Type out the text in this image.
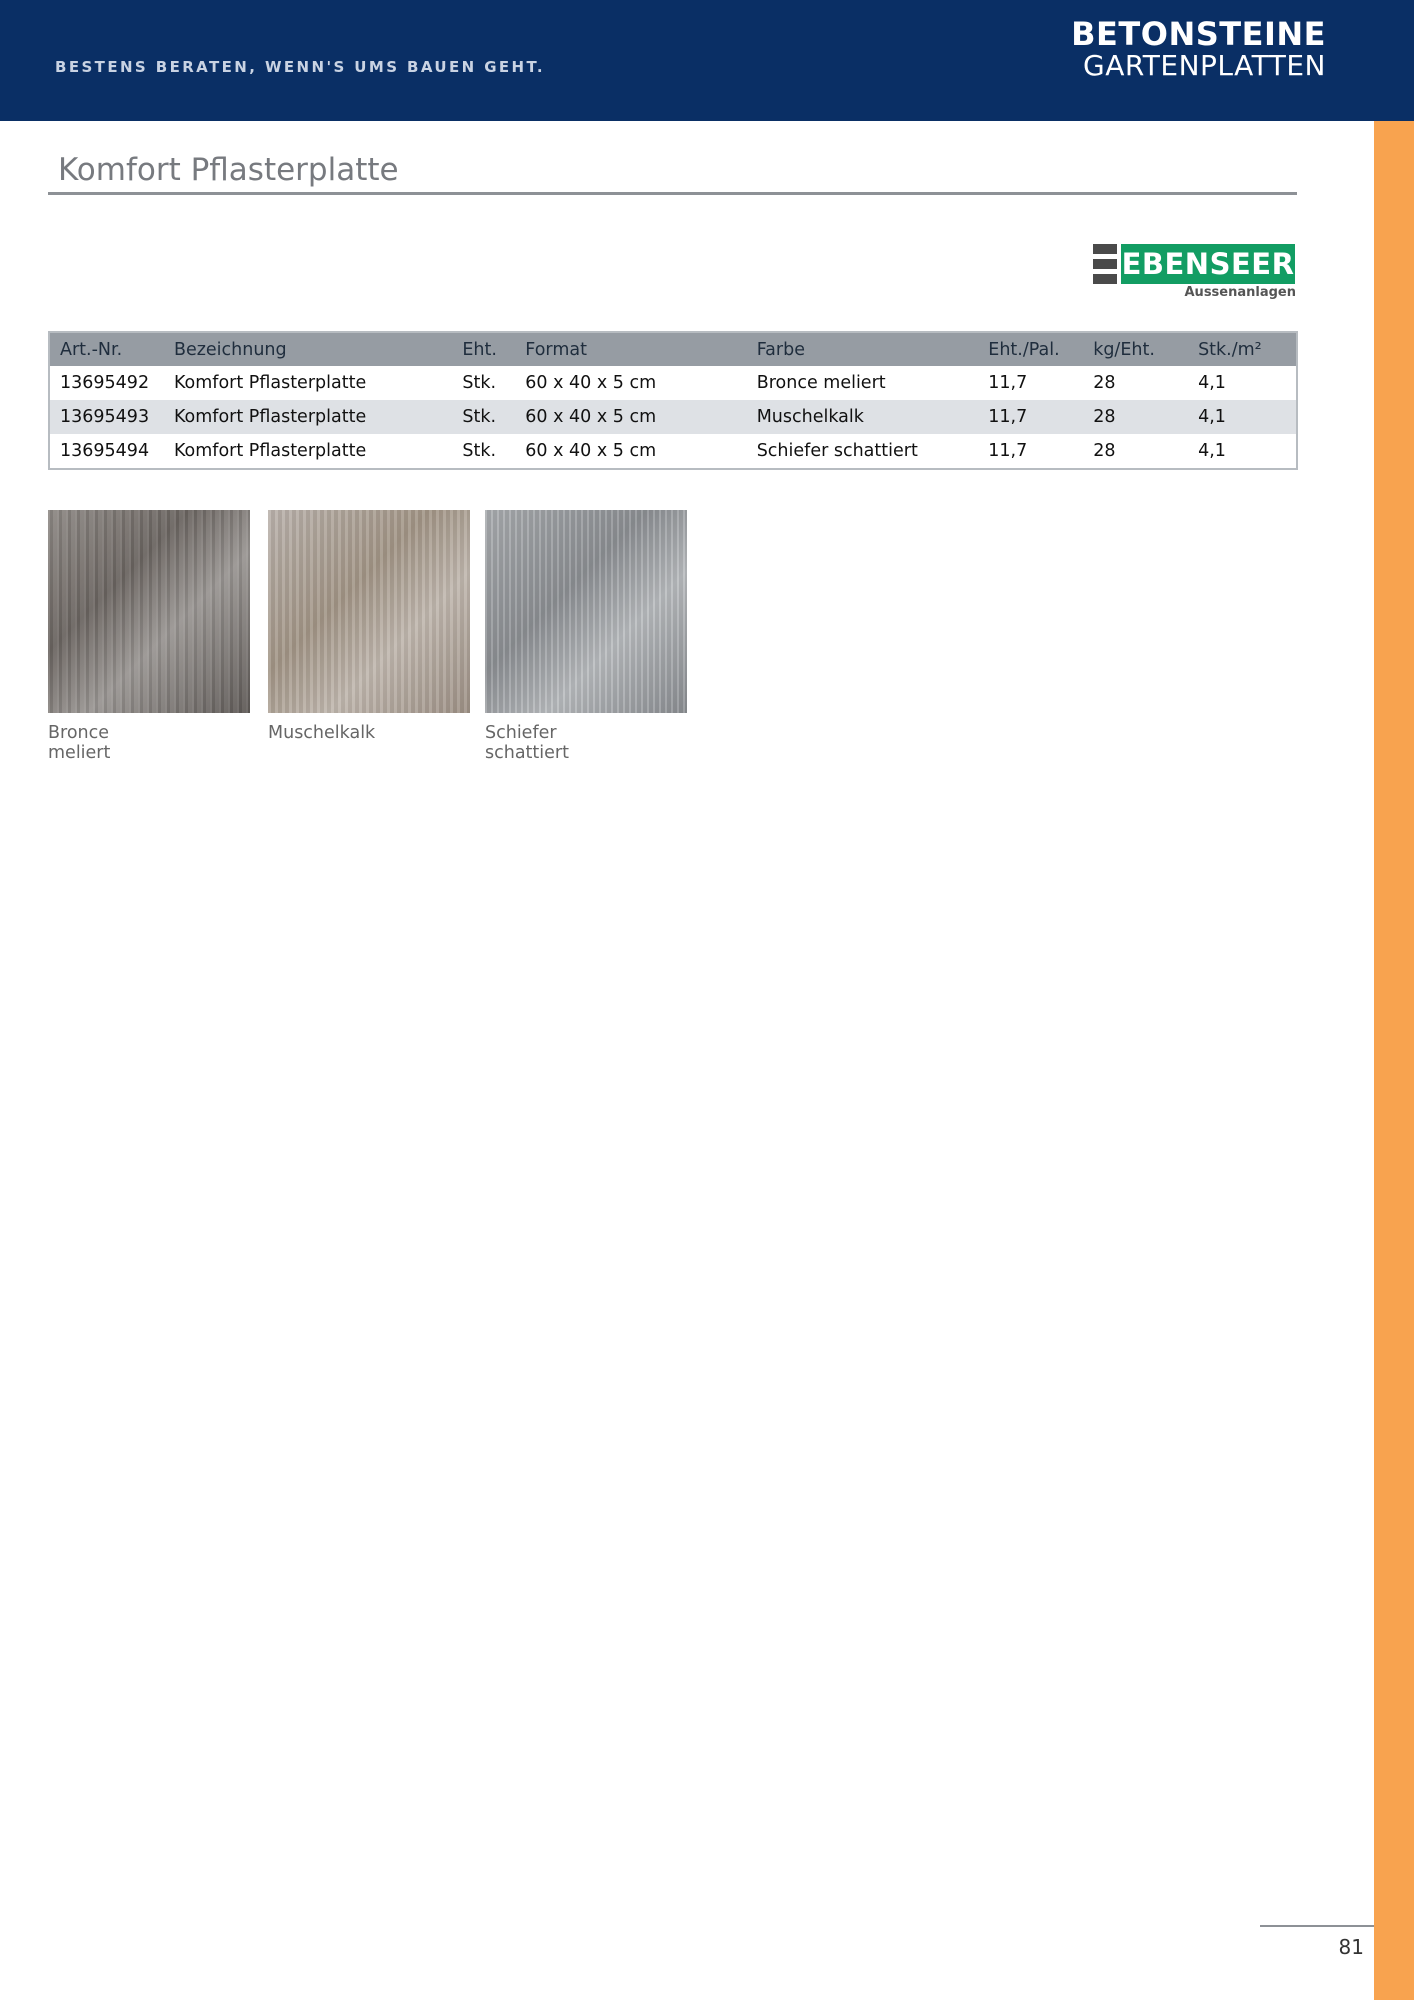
BESTENS BERATEN, WENN'S UMS BAUEN GEHT.
BETONSTEINE
GARTENPLATTEN
Komfort Pflasterplatte
EBENSEER
Aussenanlagen
Art.-Nr.	Bezeichnung	Eht.	Format	Farbe	Eht./Pal.	kg/Eht.	Stk./m²
13695492	Komfort Pflasterplatte	Stk.	60 x 40 x 5 cm	Bronce meliert	11,7	28	4,1
13695493	Komfort Pflasterplatte	Stk.	60 x 40 x 5 cm	Muschelkalk	11,7	28	4,1
13695494	Komfort Pflasterplatte	Stk.	60 x 40 x 5 cm	Schiefer schattiert	11,7	28	4,1
Bronce meliert
Muschelkalk	Schiefer schattiert
81
